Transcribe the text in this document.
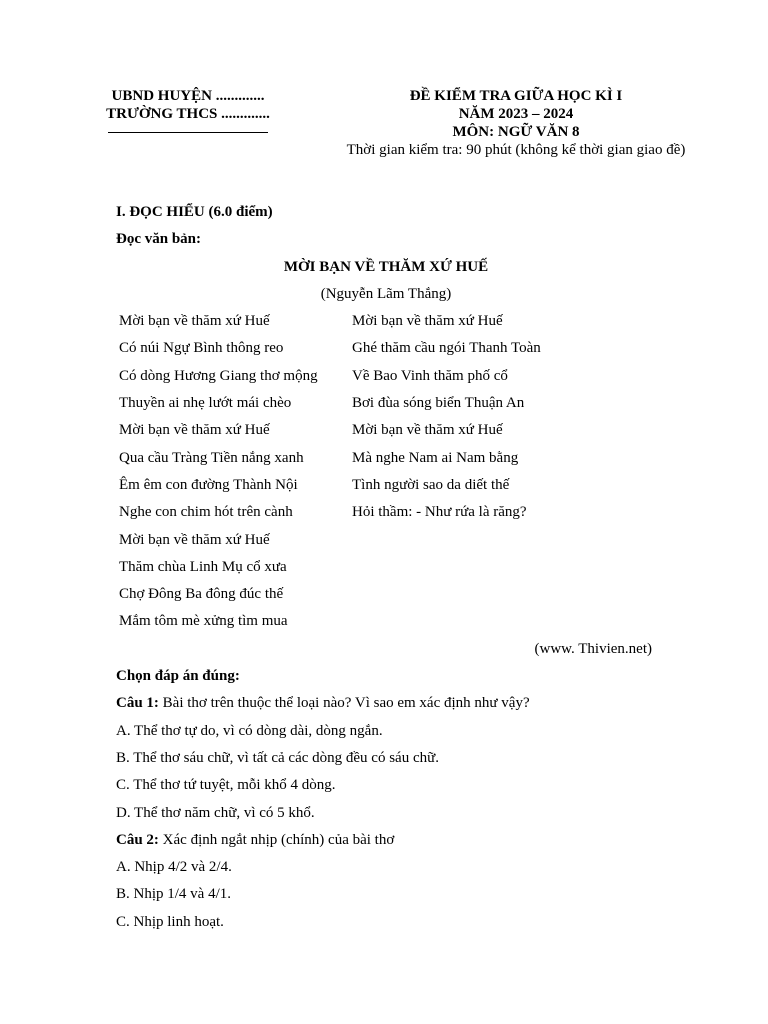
UBND HUYỆN .............
TRƯỜNG THCS .............
ĐỀ KIỂM TRA GIỮA HỌC KÌ I
NĂM 2023 – 2024
MÔN: NGỮ VĂN 8
Thời gian kiểm tra: 90 phút (không kể thời gian giao đề)
I. ĐỌC HIỂU (6.0 điểm)
Đọc văn bản:
MỜI BẠN VỀ THĂM XỨ HUẾ
(Nguyễn Lãm Thắng)
Mời bạn về thăm xứ Huế
Có núi Ngự Bình thông reo
Có dòng Hương Giang thơ mộng
Thuyền ai nhẹ lướt mái chèo
Mời bạn về thăm xứ Huế
Qua cầu Tràng Tiền nắng xanh
Êm êm con đường Thành Nội
Nghe con chim hót trên cành
Mời bạn về thăm xứ Huế
Thăm chùa Linh Mụ cổ xưa
Chợ Đông Ba đông đúc thế
Mắm tôm mè xửng tìm mua
Mời bạn về thăm xứ Huế
Ghé thăm cầu ngói Thanh Toàn
Về Bao Vinh thăm phố cổ
Bơi đùa sóng biển Thuận An
Mời bạn về thăm xứ Huế
Mà nghe Nam ai Nam bằng
Tình người sao da diết thế
Hỏi thầm: - Như rứa là răng?
(www. Thivien.net)
Chọn đáp án đúng:
Câu 1: Bài thơ trên thuộc thể loại nào? Vì sao em xác định như vậy?
A. Thể thơ tự do, vì có dòng dài, dòng ngắn.
B. Thể thơ sáu chữ, vì tất cả các dòng đều có sáu chữ.
C. Thể thơ tứ tuyệt, mỗi khổ 4 dòng.
D. Thể thơ năm chữ, vì có 5 khổ.
Câu 2: Xác định ngắt nhịp (chính) của bài thơ
A. Nhịp 4/2 và 2/4.
B. Nhịp 1/4 và 4/1.
C. Nhịp linh hoạt.
